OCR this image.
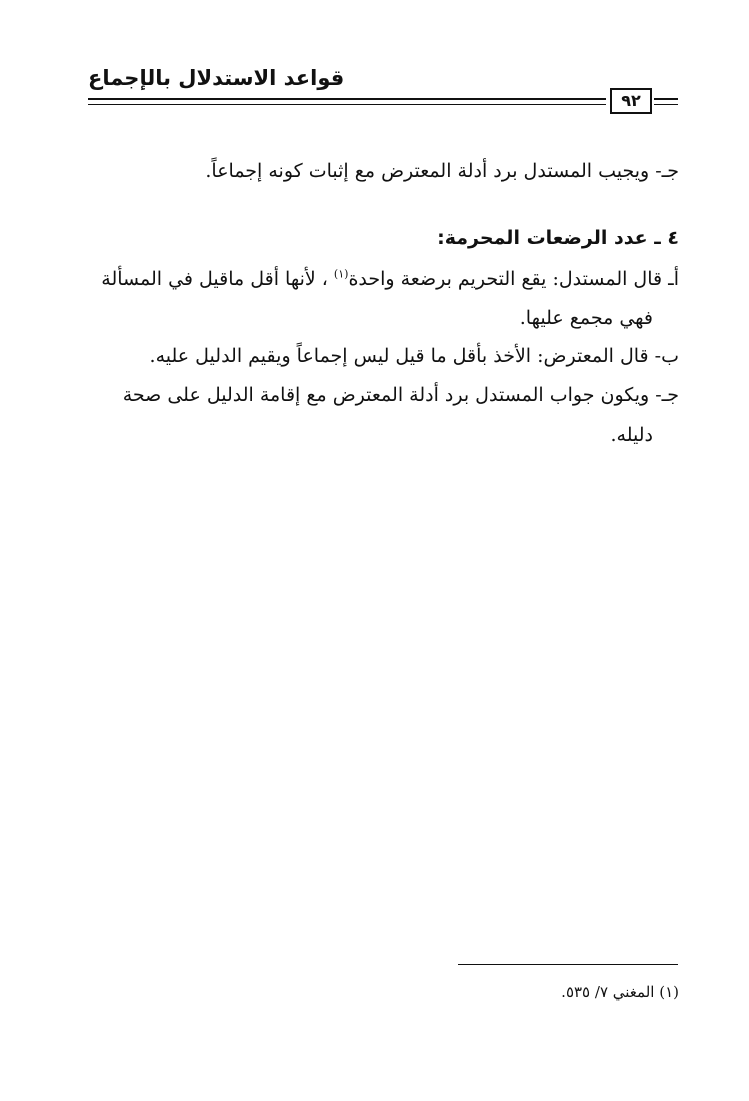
قواعد الاستدلال بالإجماع
٩٢
جـ- ويجيب المستدل برد أدلة المعترض مع إثبات كونه إجماعاً.
٤ ـ عدد الرضعات المحرمة:
أـ قال المستدل: يقع التحريم برضعة واحدة$^{(١)}$ ، لأنها أقل ماقيل في المسألة
فهي مجمع عليها.
ب- قال المعترض: الأخذ بأقل ما قيل ليس إجماعاً ويقيم الدليل عليه.
جـ- ويكون جواب المستدل برد أدلة المعترض مع إقامة الدليل على صحة
دليله.
(١) المغني ٧/ ٥٣٥.
